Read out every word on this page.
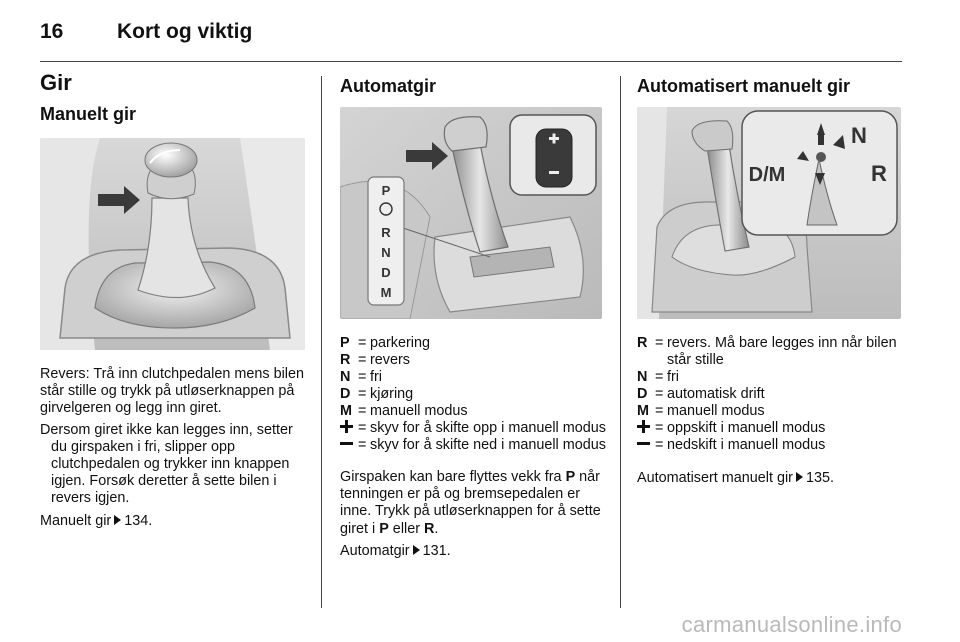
16	Kort og viktig
Gir
Manuelt gir

Revers: Trå inn clutchpedalen mens bilen står stille og trykk på utløserknappen på girvelgeren og legg inn giret.

Dersom giret ikke kan legges inn, setter du girspaken i fri, slipper opp clutchpedalen og trykker inn knappen igjen. Forsøk deretter å sette bilen i revers igjen.

Manuelt gir 134.

Automatgir
P
R
N
D
M
P = parkering
R = revers
N = fri
D = kjøring
M = manuell modus
= skyv for å skifte opp i manuell modus
= skyv for å skifte ned i manuell modus

Girspaken kan bare flyttes vekk fra P når tenningen er på og bremsepedalen er inne. Trykk på utløserknappen for å sette giret i P eller R.

Automatgir 131.

Automatisert manuelt gir
N
R
D/M
R = revers. Må bare legges inn når bilen står stille
N = fri
D = automatisk drift
M = manuell modus
= oppskift i manuell modus
= nedskift i manuell modus

Automatisert manuelt gir 135.

carmanualsonline.info
